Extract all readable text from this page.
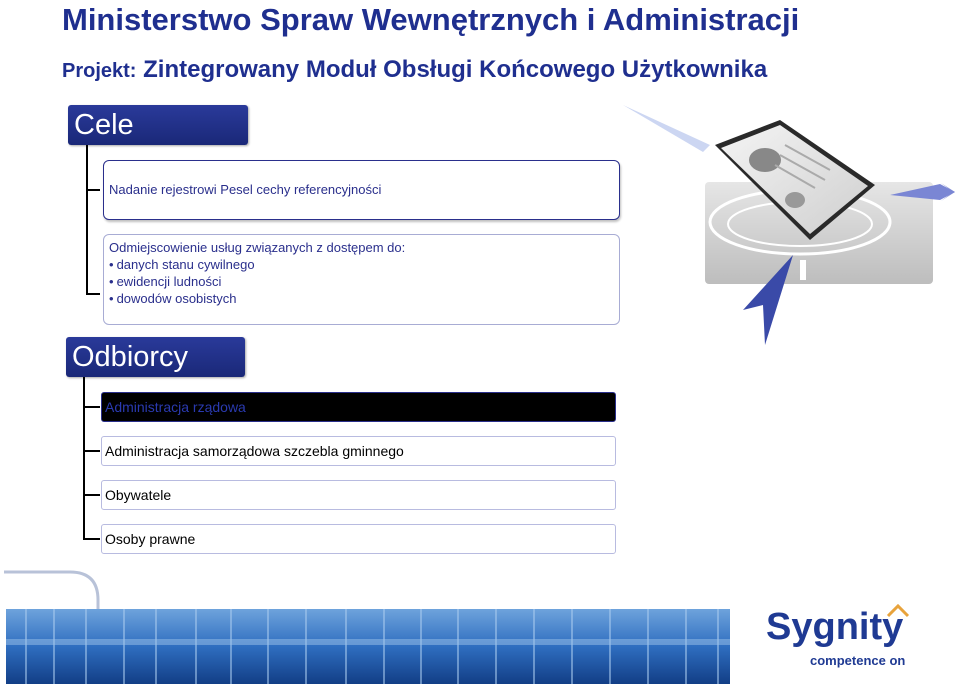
Ministerstwo Spraw Wewnętrznych i Administracji
Projekt: Zintegrowany Moduł Obsługi Końcowego Użytkownika
Cele
Nadanie rejestrowi Pesel cechy referencyjności
Odmiejscowienie usług związanych z dostępem do:
• danych stanu cywilnego
• ewidencji ludności
• dowodów osobistych
Odbiorcy
Administracja rządowa
Administracja samorządowa szczebla gminnego
Obywatele
Osoby prawne
Sygnity
competence on
